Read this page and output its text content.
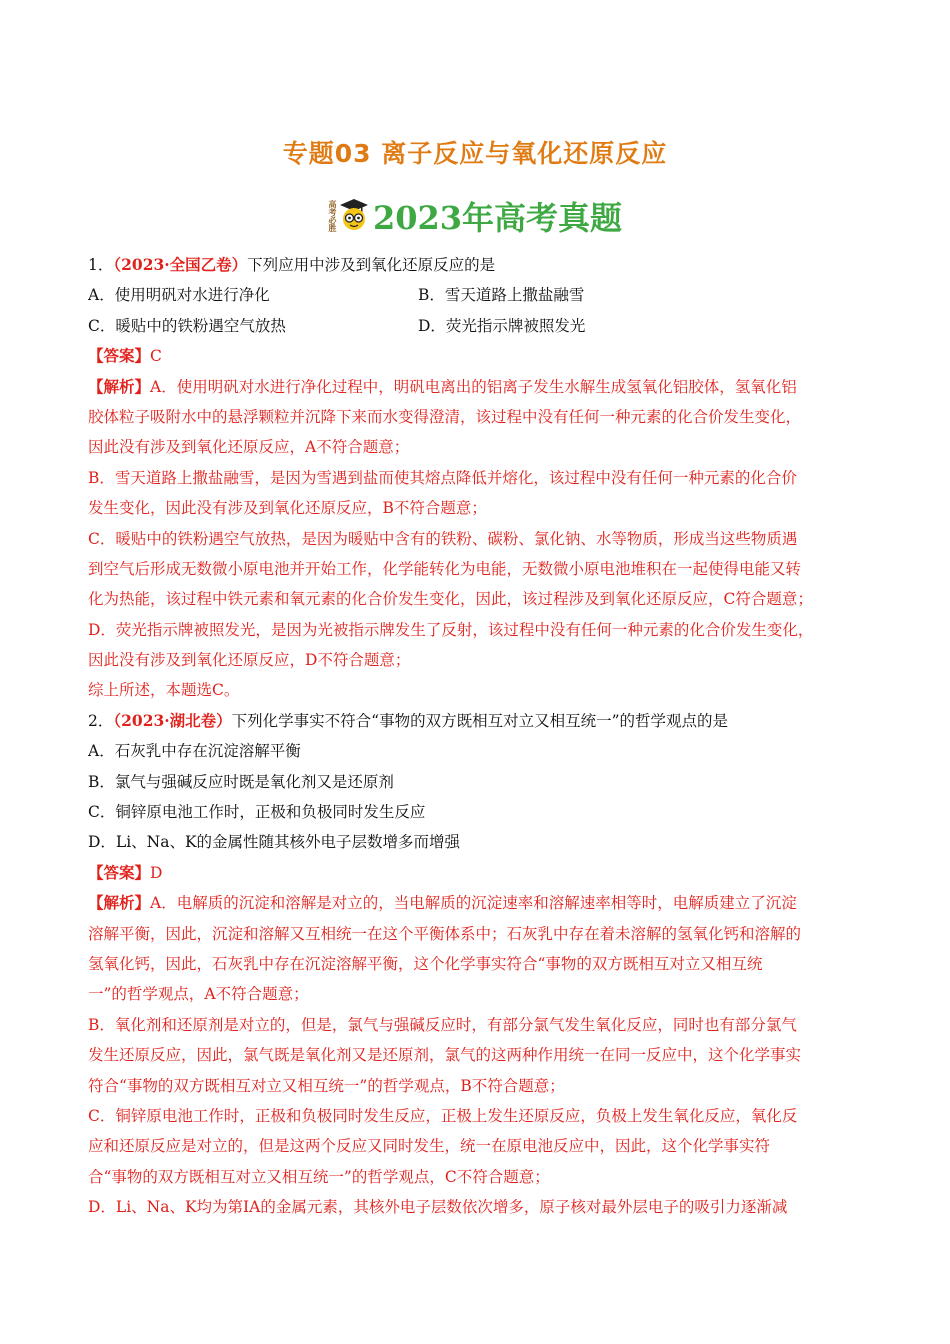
专题03 离子反应与氧化还原反应
高考必胜 2023年高考真题
1．（2023·全国乙卷）下列应用中涉及到氧化还原反应的是
A．使用明矾对水进行净化	B．雪天道路上撒盐融雪
C．暖贴中的铁粉遇空气放热	D．荧光指示牌被照发光
【答案】C
【解析】A．使用明矾对水进行净化过程中，明矾电离出的铝离子发生水解生成氢氧化铝胶体，氢氧化铝
胶体粒子吸附水中的悬浮颗粒并沉降下来而水变得澄清，该过程中没有任何一种元素的化合价发生变化，
因此没有涉及到氧化还原反应，A不符合题意；
B．雪天道路上撒盐融雪，是因为雪遇到盐而使其熔点降低并熔化，该过程中没有任何一种元素的化合价
发生变化，因此没有涉及到氧化还原反应，B不符合题意；
C．暖贴中的铁粉遇空气放热，是因为暖贴中含有的铁粉、碳粉、氯化钠、水等物质，形成当这些物质遇
到空气后形成无数微小原电池并开始工作，化学能转化为电能，无数微小原电池堆积在一起使得电能又转
化为热能，该过程中铁元素和氧元素的化合价发生变化，因此，该过程涉及到氧化还原反应，C符合题意；
D．荧光指示牌被照发光，是因为光被指示牌发生了反射，该过程中没有任何一种元素的化合价发生变化，
因此没有涉及到氧化还原反应，D不符合题意；
综上所述，本题选C。
2．（2023·湖北卷）下列化学事实不符合“事物的双方既相互对立又相互统一”的哲学观点的是
A．石灰乳中存在沉淀溶解平衡
B．氯气与强碱反应时既是氧化剂又是还原剂
C．铜锌原电池工作时，正极和负极同时发生反应
D．Li、Na、K的金属性随其核外电子层数增多而增强
【答案】D
【解析】A．电解质的沉淀和溶解是对立的，当电解质的沉淀速率和溶解速率相等时，电解质建立了沉淀
溶解平衡，因此，沉淀和溶解又互相统一在这个平衡体系中；石灰乳中存在着未溶解的氢氧化钙和溶解的
氢氧化钙，因此，石灰乳中存在沉淀溶解平衡，这个化学事实符合“事物的双方既相互对立又相互统
一”的哲学观点，A不符合题意；
B．氧化剂和还原剂是对立的，但是，氯气与强碱反应时，有部分氯气发生氧化反应，同时也有部分氯气
发生还原反应，因此，氯气既是氧化剂又是还原剂，氯气的这两种作用统一在同一反应中，这个化学事实
符合“事物的双方既相互对立又相互统一”的哲学观点，B不符合题意；
C．铜锌原电池工作时，正极和负极同时发生反应，正极上发生还原反应，负极上发生氧化反应，氧化反
应和还原反应是对立的，但是这两个反应又同时发生，统一在原电池反应中，因此，这个化学事实符
合“事物的双方既相互对立又相互统一”的哲学观点，C不符合题意；
D．Li、Na、K均为第ⅠA的金属元素，其核外电子层数依次增多，原子核对最外层电子的吸引力逐渐减
